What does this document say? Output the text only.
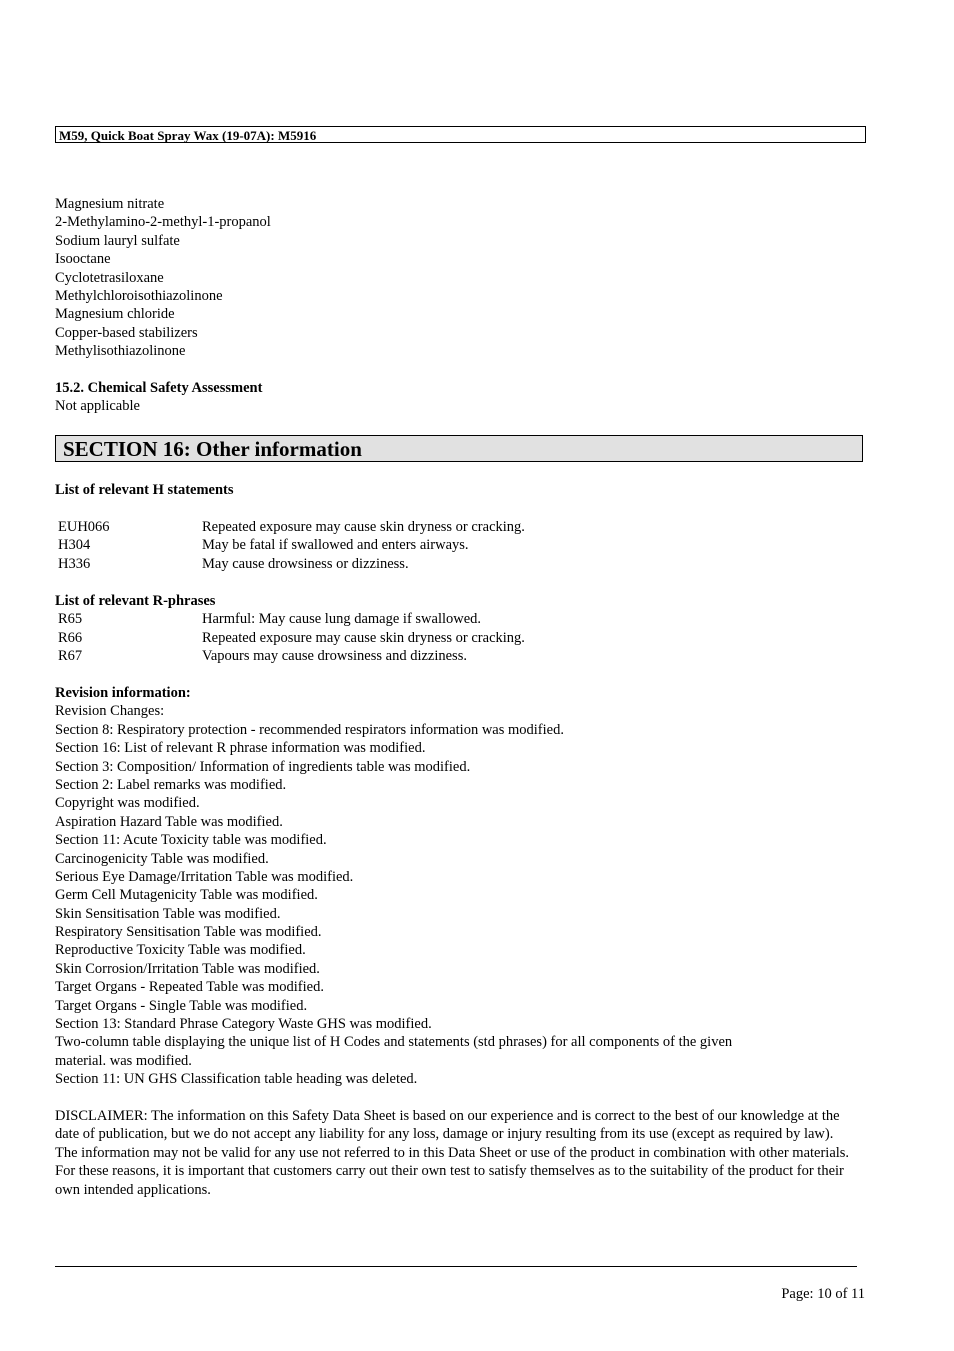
M59, Quick Boat Spray Wax (19-07A): M5916
Magnesium nitrate
2-Methylamino-2-methyl-1-propanol
Sodium lauryl sulfate
Isooctane
Cyclotetrasiloxane
Methylchloroisothiazolinone
Magnesium chloride
Copper-based stabilizers
Methylisothiazolinone
15.2. Chemical Safety Assessment
Not applicable
SECTION 16: Other information
List of relevant H statements
EUH066	Repeated exposure may cause skin dryness or cracking.
H304	May be fatal if swallowed and enters airways.
H336	May cause drowsiness or dizziness.
List of relevant R-phrases
R65	Harmful: May cause lung damage if swallowed.
R66	Repeated exposure may cause skin dryness or cracking.
R67	Vapours may cause drowsiness and dizziness.
Revision information:
Revision Changes:
Section 8: Respiratory protection - recommended respirators information was modified.
Section 16: List of relevant R phrase information was modified.
Section 3: Composition/ Information of ingredients table was modified.
Section 2: Label remarks was modified.
Copyright was modified.
Aspiration Hazard Table was modified.
Section 11: Acute Toxicity table was modified.
Carcinogenicity Table was modified.
Serious Eye Damage/Irritation Table was modified.
Germ Cell Mutagenicity Table was modified.
Skin Sensitisation Table was modified.
Respiratory Sensitisation Table was modified.
Reproductive Toxicity Table was modified.
Skin Corrosion/Irritation Table was modified.
Target Organs - Repeated Table was modified.
Target Organs - Single Table was modified.
Section 13: Standard Phrase Category Waste GHS was modified.
Two-column table displaying the unique list of H Codes and statements (std phrases) for all components of the given
material. was modified.
Section 11: UN GHS Classification table heading was deleted.
DISCLAIMER: The information on this Safety Data Sheet is based on our experience and is correct to the best of our knowledge at the date of publication, but we do not accept any liability for any loss, damage or injury resulting from its use (except as required by law). The information may not be valid for any use not referred to in this Data Sheet or use of the product in combination with other materials. For these reasons, it is important that customers carry out their own test to satisfy themselves as to the suitability of the product for their own intended applications.
Page: 10 of 11
